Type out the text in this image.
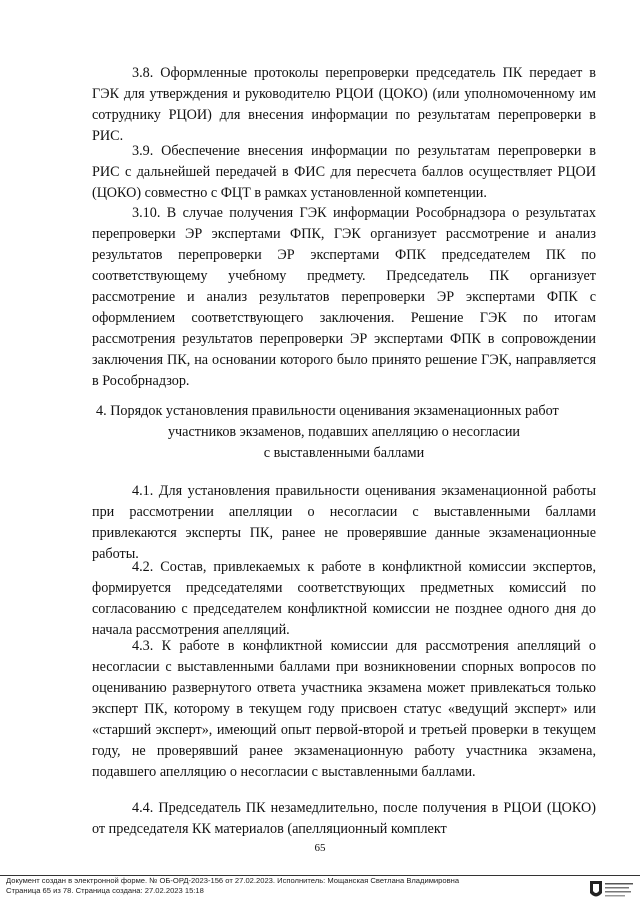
3.8. Оформленные протоколы перепроверки председатель ПК передает в ГЭК для утверждения и руководителю РЦОИ (ЦОКО) (или уполномоченному им сотруднику РЦОИ) для внесения информации по результатам перепроверки в РИС.

3.9. Обеспечение внесения информации по результатам перепроверки в РИС с дальнейшей передачей в ФИС для пересчета баллов осуществляет РЦОИ (ЦОКО) совместно с ФЦТ в рамках установленной компетенции.

3.10. В случае получения ГЭК информации Рособрнадзора о результатах перепроверки ЭР экспертами ФПК, ГЭК организует рассмотрение и анализ результатов перепроверки ЭР экспертами ФПК председателем ПК по соответствующему учебному предмету. Председатель ПК организует рассмотрение и анализ результатов перепроверки ЭР экспертами ФПК с оформлением соответствующего заключения. Решение ГЭК по итогам рассмотрения результатов перепроверки ЭР экспертами ФПК в сопровождении заключения ПК, на основании которого было принято решение ГЭК, направляется в Рособрнадзор.

4. Порядок установления правильности оценивания экзаменационных работ
участников экзаменов, подавших апелляцию о несогласии
с выставленными баллами

4.1. Для установления правильности оценивания экзаменационной работы при рассмотрении апелляции о несогласии с выставленными баллами привлекаются эксперты ПК, ранее не проверявшие данные экзаменационные работы.

4.2. Состав, привлекаемых к работе в конфликтной комиссии экспертов, формируется председателями соответствующих предметных комиссий по согласованию с председателем конфликтной комиссии не позднее одного дня до начала рассмотрения апелляций.

4.3. К работе в конфликтной комиссии для рассмотрения апелляций о несогласии с выставленными баллами при возникновении спорных вопросов по оцениванию развернутого ответа участника экзамена может привлекаться только эксперт ПК, которому в текущем году присвоен статус «ведущий эксперт» или «старший эксперт», имеющий опыт первой-второй и третьей проверки в текущем году, не проверявший ранее экзаменационную работу участника экзамена, подавшего апелляцию о несогласии с выставленными баллами.

4.4. Председатель ПК незамедлительно, после получения в РЦОИ (ЦОКО) от председателя КК материалов (апелляционный комплект

65
Документ создан в электронной форме. № ОБ-ОРД-2023-156 от 27.02.2023. Исполнитель: Мощанская Светлана Владимировна
Страница 65 из 78. Страница создана: 27.02.2023 15:18
